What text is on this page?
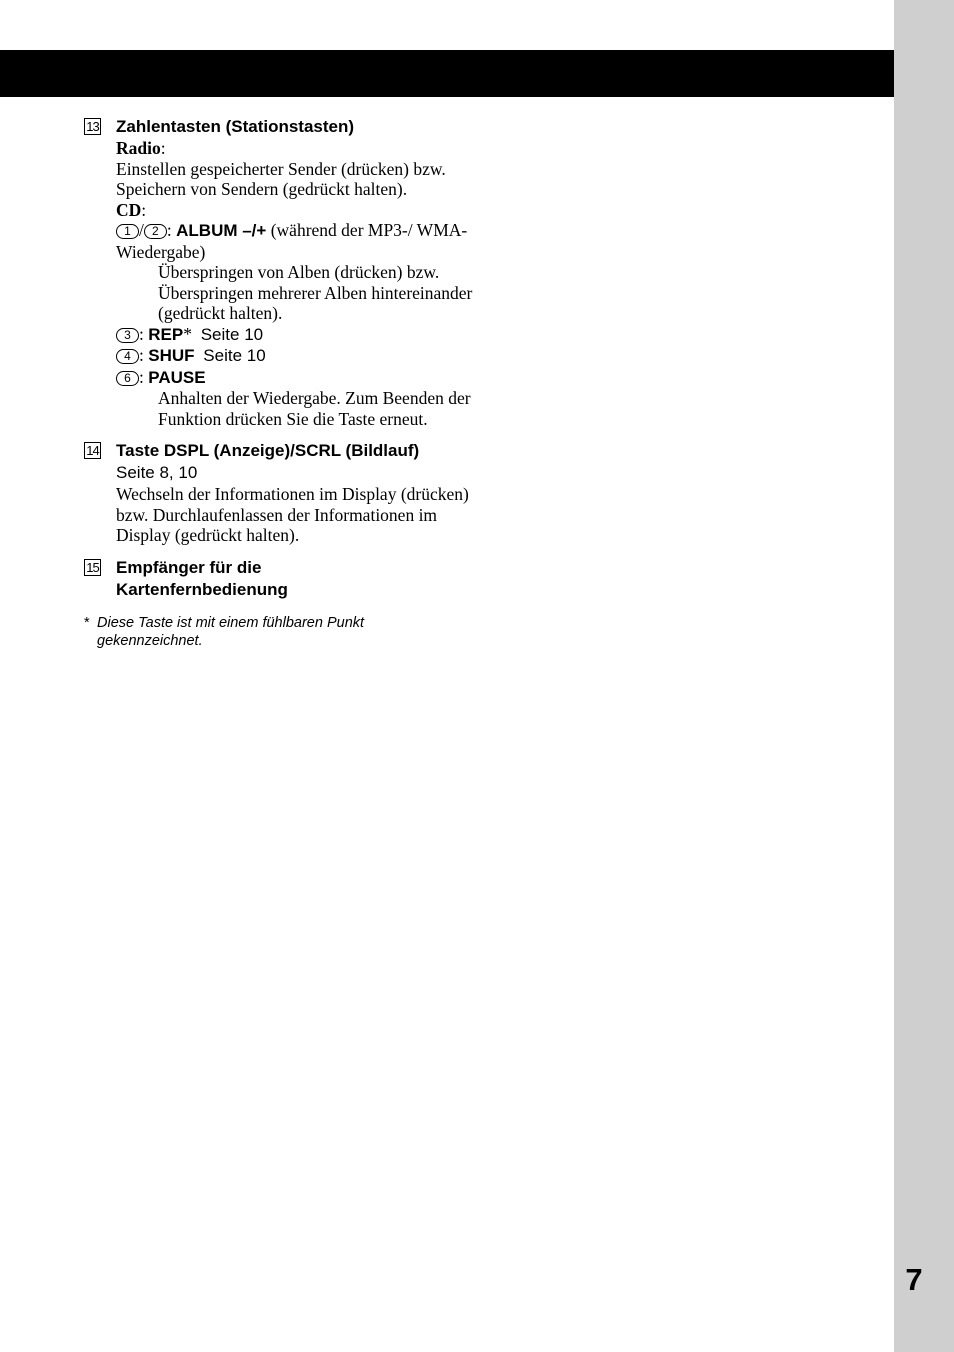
7
13 Zahlentasten (Stationstasten)
Radio:
Einstellen gespeicherter Sender (drücken) bzw. Speichern von Sendern (gedrückt halten).
CD:
1 / 2 : ALBUM –/+ (während der MP3-/ WMA-Wiedergabe)
Überspringen von Alben (drücken) bzw. Überspringen mehrerer Alben hintereinander (gedrückt halten).
3 : REP* Seite 10
4 : SHUF Seite 10
6 : PAUSE
Anhalten der Wiedergabe. Zum Beenden der Funktion drücken Sie die Taste erneut.
14 Taste DSPL (Anzeige)/SCRL (Bildlauf)
Seite 8, 10
Wechseln der Informationen im Display (drücken) bzw. Durchlaufenlassen der Informationen im Display (gedrückt halten).
15 Empfänger für die Kartenfernbedienung
* Diese Taste ist mit einem fühlbaren Punkt gekennzeichnet.
